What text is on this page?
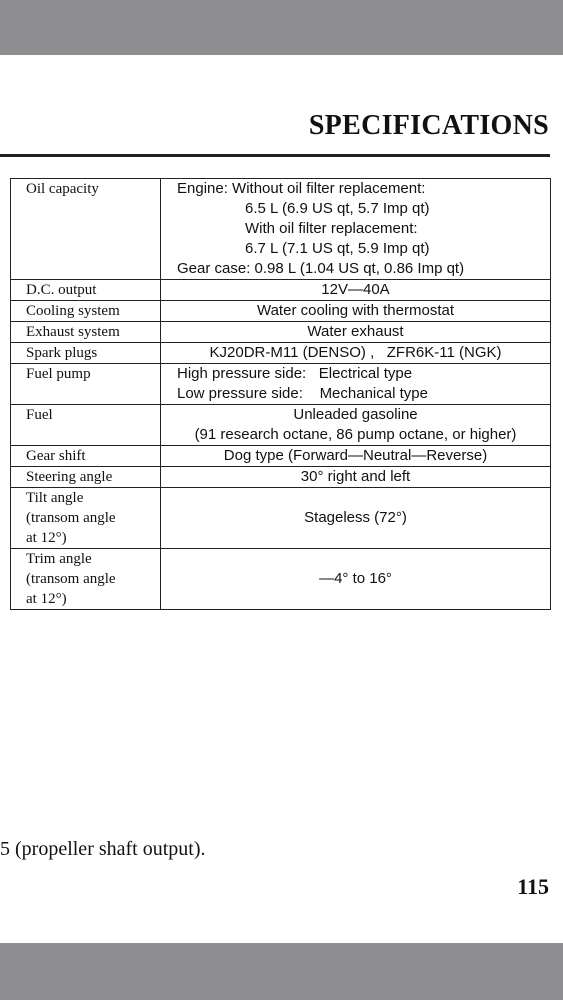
SPECIFICATIONS
Oil capacity	Engine: Without oil filter replacement:
6.5 L (6.9 US qt, 5.7 Imp qt)
With oil filter replacement:
6.7 L (7.1 US qt, 5.9 Imp qt)
Gear case: 0.98 L (1.04 US qt, 0.86 Imp qt)

D.C. output	12V—40A
Cooling system	Water cooling with thermostat
Exhaust system	Water exhaust
Spark plugs	KJ20DR-M11 (DENSO) ,   ZFR6K-11 (NGK)
Fuel pump	High pressure side:   Electrical type
Low pressure side:    Mechanical type

Fuel	Unleaded gasoline
(91 research octane, 86 pump octane, or higher)

Gear shift	Dog type (Forward—Neutral—Reverse)
Steering angle	30° right and left

Tilt angle
(transom angle
at 12°)	Stageless (72°)

Trim angle
(transom angle
at 12°)	—4° to 16°
5 (propeller shaft output).
115
